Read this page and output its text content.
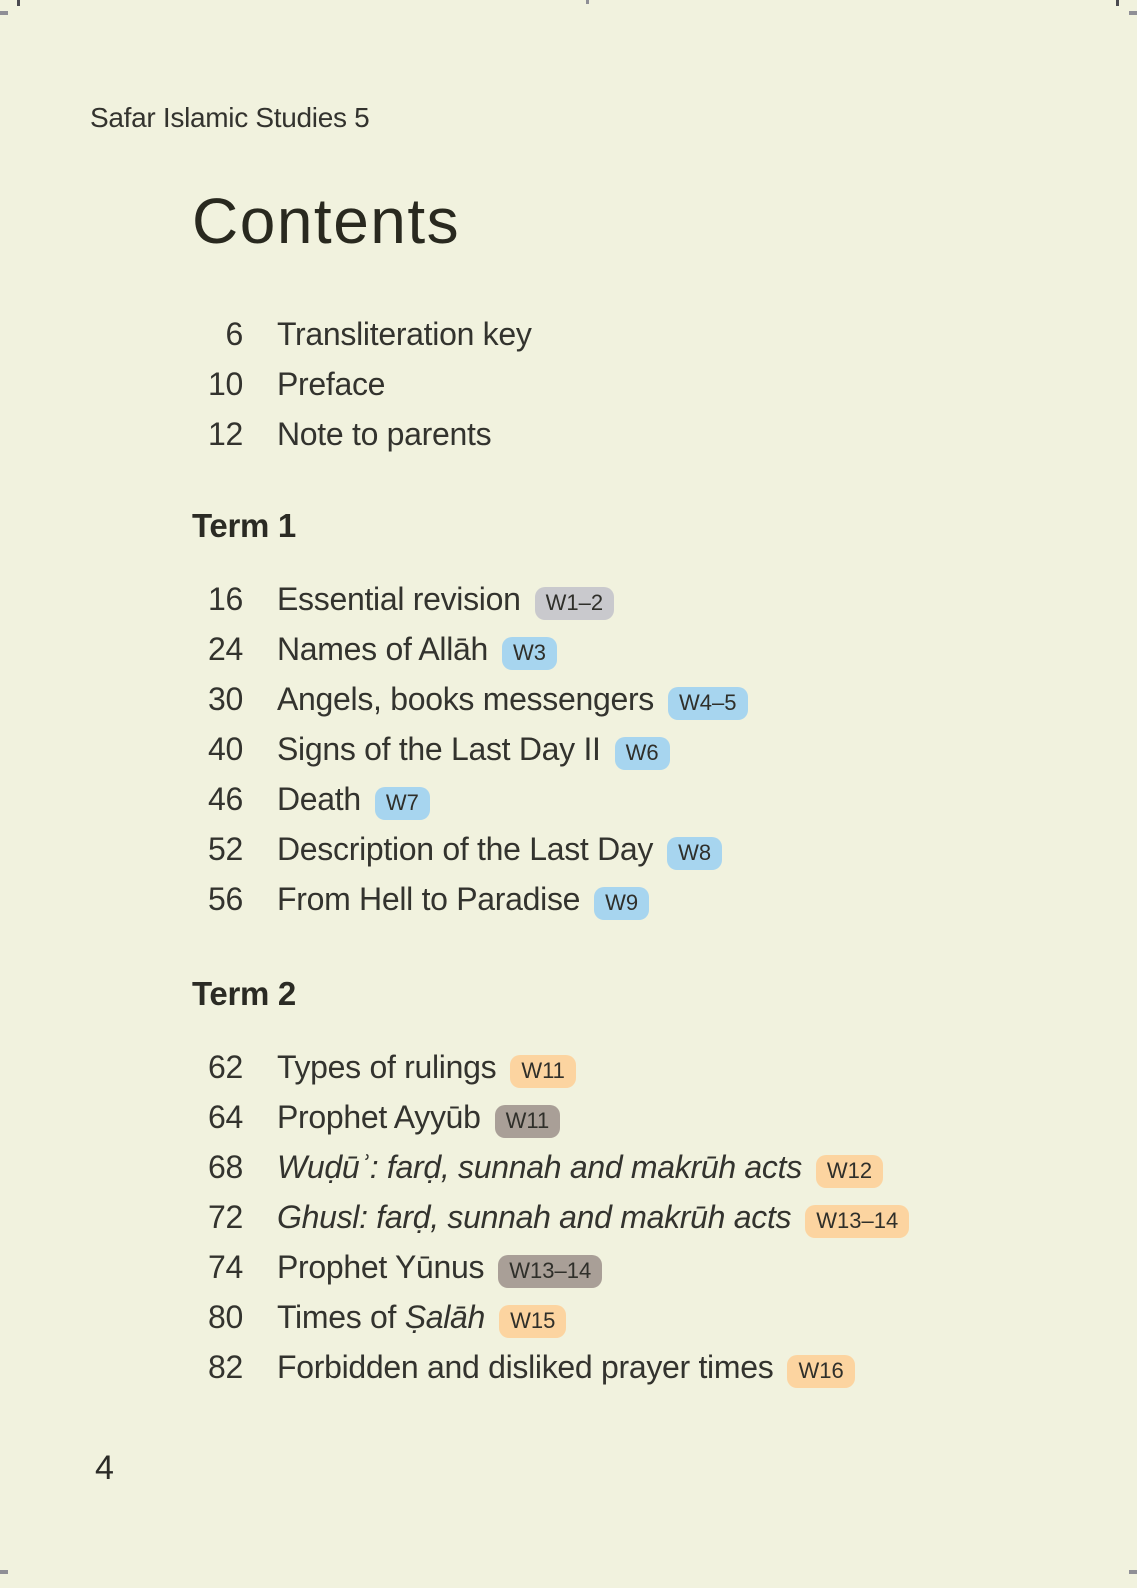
Safar Islamic Studies 5
Contents
Term 1
Term 2
6 Transliteration key
10 Preface
12 Note to parents
16 Essential revision	W1–2
24 Names of Allāh	W3
30 Angels, books messengers	W4–5
40 Signs of the Last Day II	W6
46 Death	W7
52 Description of the Last Day	W8
56 From Hell to Paradise	W9
62 Types of rulings	W11
64 Prophet Ayyūb	W11
68 Wuḍūʾ: farḍ, sunnah and makrūh acts	W12
72 Ghusl: farḍ, sunnah and makrūh acts	W13–14
74 Prophet Yūnus	W13–14
80 Times of Ṣalāh	W15
82 Forbidden and disliked prayer times	W16
4
